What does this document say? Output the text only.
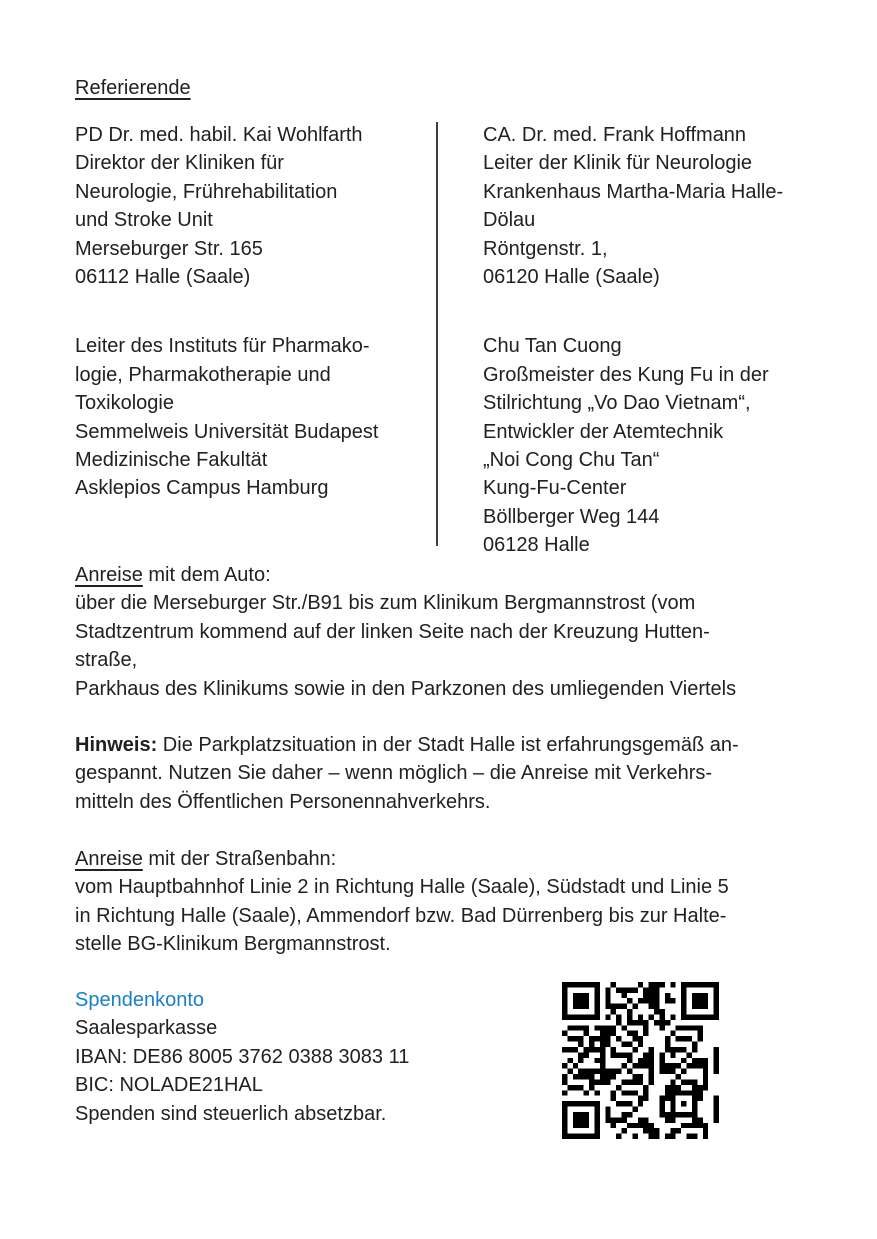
Referierende
PD Dr. med. habil. Kai Wohlfarth
Direktor der Kliniken für
Neurologie, Frührehabilitation
und Stroke Unit
Merseburger Str. 165
06112 Halle (Saale)
Leiter des Instituts für Pharmako-
logie, Pharmakotherapie und
Toxikologie
Semmelweis Universität Budapest
Medizinische Fakultät
Asklepios Campus Hamburg
CA. Dr. med. Frank Hoffmann
Leiter der Klinik für Neurologie
Krankenhaus Martha-Maria Halle-
Dölau
Röntgenstr. 1,
06120 Halle (Saale)
Chu Tan Cuong
Großmeister des Kung Fu in der
Stilrichtung „Vo Dao Vietnam“,
Entwickler der Atemtechnik
„Noi Cong Chu Tan“
Kung-Fu-Center
Böllberger Weg 144
06128 Halle
Anreise mit dem Auto:
über die Merseburger Str./B91 bis zum Klinikum Bergmannstrost (vom
Stadtzentrum kommend auf der linken Seite nach der Kreuzung Hutten-
straße,
Parkhaus des Klinikums sowie in den Parkzonen des umliegenden Viertels
Hinweis: Die Parkplatzsituation in der Stadt Halle ist erfahrungsgemäß an-
gespannt. Nutzen Sie daher – wenn möglich – die Anreise mit Verkehrs-
mitteln des Öffentlichen Personennahverkehrs.
Anreise mit der Straßenbahn:
vom Hauptbahnhof Linie 2 in Richtung Halle (Saale), Südstadt und Linie 5
in Richtung Halle (Saale), Ammendorf bzw. Bad Dürrenberg bis zur Halte-
stelle BG-Klinikum Bergmannstrost.
Spendenkonto
Saalesparkasse
IBAN: DE86 8005 3762 0388 3083 11
BIC: NOLADE21HAL
Spenden sind steuerlich absetzbar.
